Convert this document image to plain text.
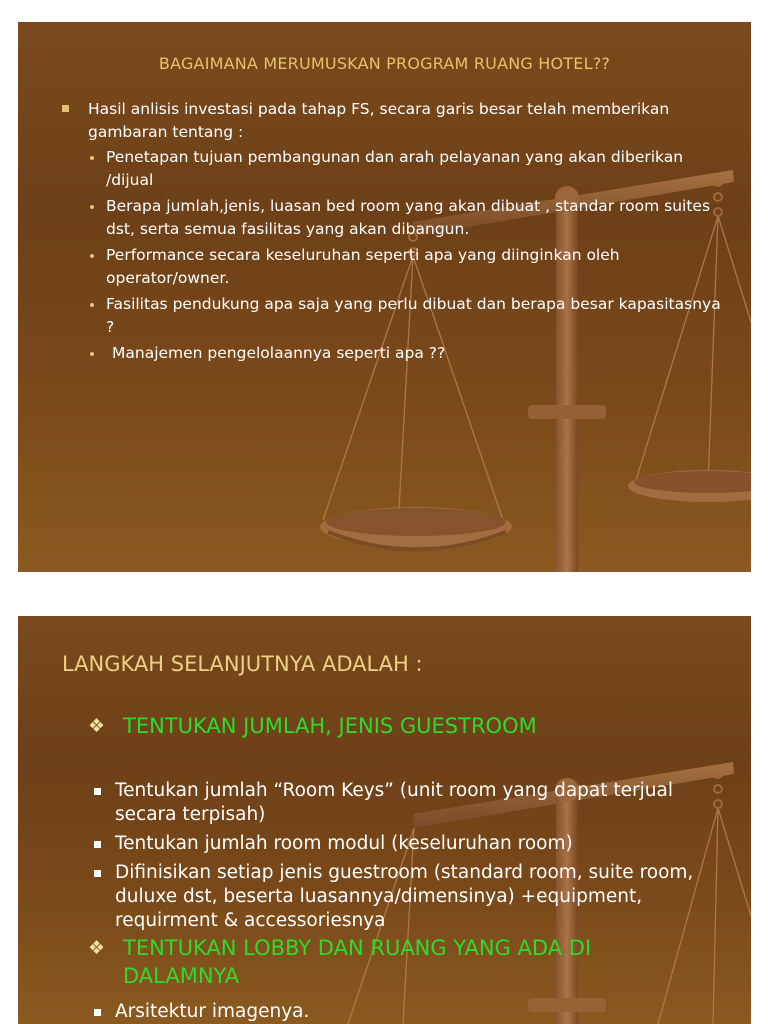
BAGAIMANA MERUMUSKAN PROGRAM RUANG HOTEL??
Hasil anlisis investasi pada tahap FS, secara garis besar telah memberikan gambaran tentang :
Penetapan tujuan pembangunan dan arah pelayanan yang akan diberikan /dijual
Berapa jumlah,jenis, luasan bed room yang akan dibuat , standar room suites dst, serta semua fasilitas yang akan dibangun.
Performance secara keseluruhan seperti apa yang diinginkan oleh operator/owner.
Fasilitas pendukung apa saja yang perlu dibuat dan berapa besar kapasitasnya ?
Manajemen pengelolaannya seperti apa ??
LANGKAH SELANJUTNYA ADALAH :
❖ TENTUKAN JUMLAH, JENIS GUESTROOM
Tentukan jumlah “Room Keys” (unit room yang dapat terjual secara terpisah)
Tentukan jumlah room modul (keseluruhan room)
Difinisikan setiap jenis guestroom (standard room, suite room, duluxe dst, beserta luasannya/dimensinya) +equipment, requirment & accessoriesnya
❖ TENTUKAN LOBBY DAN RUANG YANG ADA DI DALAMNYA
Arsitektur imagenya.
